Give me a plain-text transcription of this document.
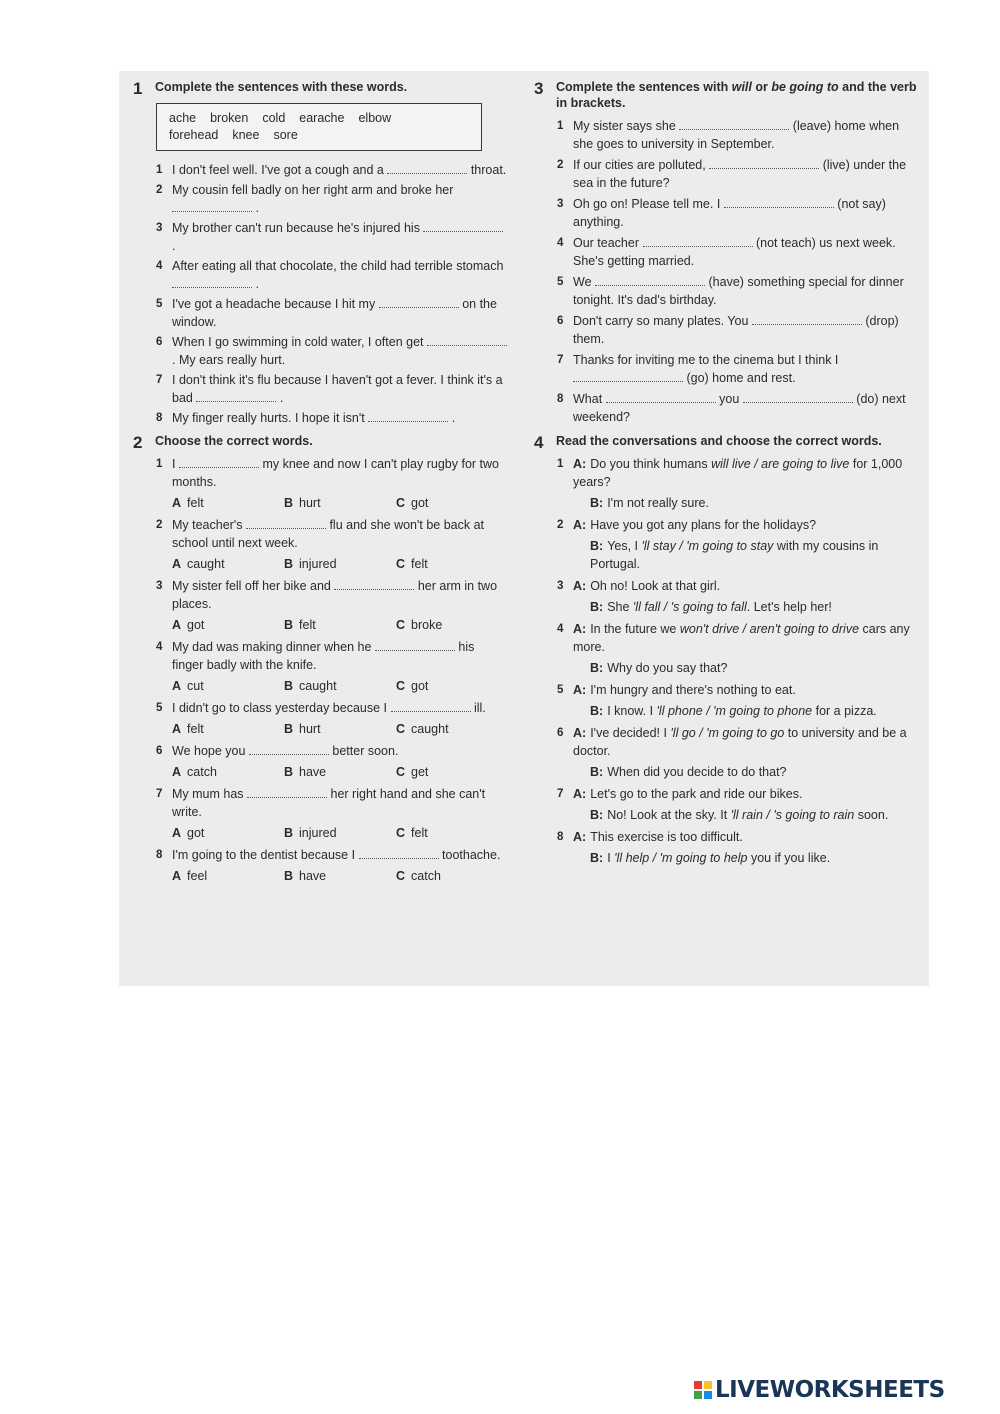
1 Complete the sentences with these words.
ache broken cold earache elbow
forehead knee sore
1 I don't feel well. I've got a cough and a	throat.
2 My cousin fell badly on her right arm and broke her  .
3 My brother can't run because he's injured his  .
4 After eating all that chocolate, the child had terrible stomach  .
5 I've got a headache because I hit my	on the window.
6 When I go swimming in cold water, I often get  . My ears really hurt.
7 I don't think it's flu because I haven't got a fever. I think it's a bad	.
8 My finger really hurts. I hope it isn't	.
2 Choose the correct words.
1 I	my knee and now I can't play rugby for two months.
A felt	B hurt	C got
2 My teacher's	flu and she won't be back at school until next week.
A caught	B injured	C felt
3 My sister fell off her bike and	her arm in two places.
A got	B felt	C broke
4 My dad was making dinner when he	his finger badly with the knife.
A cut	B caught	C got
5 I didn't go to class yesterday because I	ill.
A felt	B hurt	C caught
6 We hope you	better soon.
A catch	B have	C get
7 My mum has	her right hand and she can't write.
A got	B injured	C felt
8 I'm going to the dentist because I	toothache.
A feel	B have	C catch
3 Complete the sentences with will or be going to and the verb in brackets.
1 My sister says she	(leave) home when she goes to university in September.
2 If our cities are polluted,	(live) under the sea in the future?
3 Oh go on! Please tell me. I	(not say) anything.
4 Our teacher	(not teach) us next week. She's getting married.
5 We	(have) something special for dinner tonight. It's dad's birthday.
6 Don't carry so many plates. You	(drop) them.
7 Thanks for inviting me to the cinema but I think I  (go) home and rest.
8 What	you	(do) next weekend?
4 Read the conversations and choose the correct words.
1 A: Do you think humans will live / are going to live for 1,000 years?
B: I'm not really sure.
2 A: Have you got any plans for the holidays?
B: Yes, I 'll stay / 'm going to stay with my cousins in Portugal.
3 A: Oh no! Look at that girl.
B: She 'll fall / 's going to fall. Let's help her!
4 A: In the future we won't drive / aren't going to drive cars any more.
B: Why do you say that?
5 A: I'm hungry and there's nothing to eat.
B: I know. I 'll phone / 'm going to phone for a pizza.
6 A: I've decided! I 'll go / 'm going to go to university and be a doctor.
B: When did you decide to do that?
7 A: Let's go to the park and ride our bikes.
B: No! Look at the sky. It 'll rain / 's going to rain soon.
8 A: This exercise is too difficult.
B: I 'll help / 'm going to help you if you like.
LIVEWORKSHEETS
